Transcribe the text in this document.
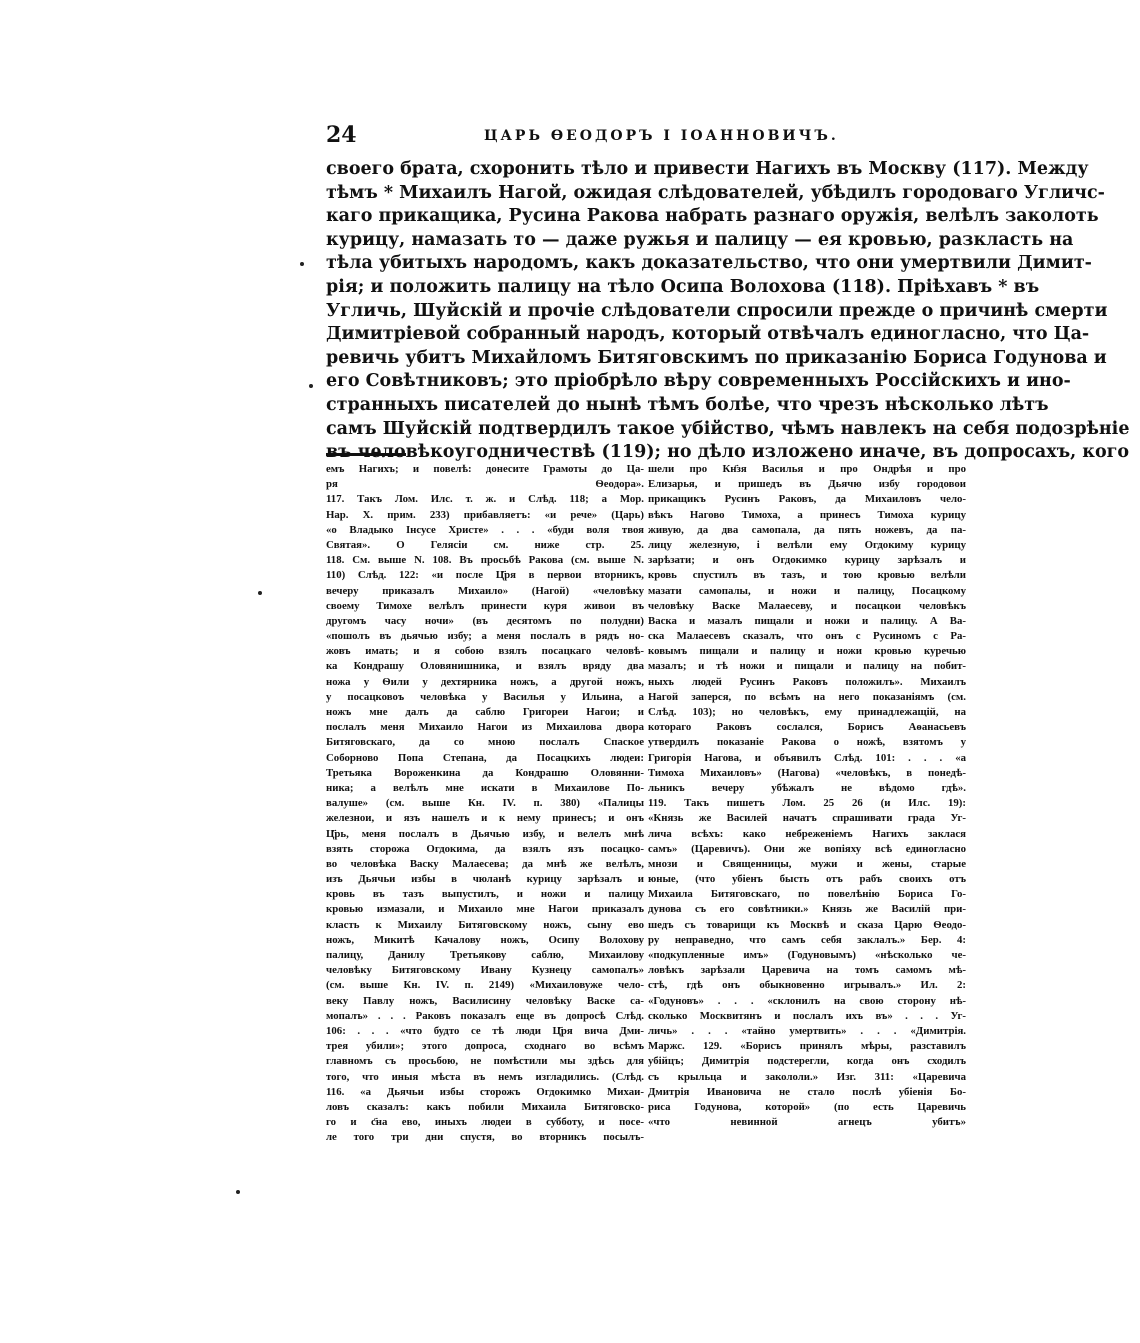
24	ЦАРЬ ѲЕОДОРЪ I ІОАННОВИЧЪ.
своего брата, схоронить тѣло и привести Нагихъ въ Москву (117). Между
тѣмъ * Михаилъ Нагой, ожидая слѣдователей, убѣдилъ городоваго Угличс-
каго прикащика, Русина Ракова набрать разнаго оружія, велѣлъ заколоть
курицу, намазать то — даже ружья и палицу — ея кровью, разкласть на
тѣла убитыхъ народомъ, какъ доказательство, что они умертвили Димит-
рія; и положить палицу на тѣло Осипа Волохова (118). Пріѣхавъ * въ
Угличь, Шуйскій и прочіе слѣдователи спросили прежде о причинѣ смерти
Димитріевой собранный народъ, который отвѣчалъ единогласно, что Ца-
ревичь убитъ Михайломъ Битяговскимъ по приказанію Бориса Годунова и
его Совѣтниковъ; это пріобрѣло вѣру современныхъ Россійскихъ и ино-
странныхъ писателей до нынѣ тѣмъ болѣе, что чрезъ нѣсколько лѣтъ
самъ Шуйскій подтвердилъ такое убійство, чѣмъ навлекъ на себя подозрѣніе
въ человѣкоугодничествѣ (119); но дѣло изложено иначе, въ допросахъ, кого
емъ Нагихъ; и повелѣ: донесите Грамоты до Ца-
ря Ѳеодора».
117. Такъ Лом. Илс. т. ж. и Слѣд. 118; а Мор.
Нар. X. прим. 233) прибавляетъ: «и рече» (Царь)
«о Владыко Інсусе Христе» . . . «буди воля твоя
Святая». О Гелясіи см. ниже стр. 25.
118. См. выше N. 108. Въ просьбѣ Ракова (см. выше N.
110) Слѣд. 122: «и после Ц҃ря в первои вторникъ,
вечеру приказалъ Михаило» (Нагой) «человѣку
своему Тимохе велѣлъ принести куря живои въ
другомъ часу ночи» (въ десятомъ по полудни)
«пошолъ въ дьячью избу; а меня послалъ в рядъ но-
жовъ имать; и я собою взялъ посацкаго человѣ-
ка Кондрашу Оловянишника, и взялъ вряду два
ножа у Ѳили у дехтярника ножъ, а другой ножъ,
у посацковоъ человѣка у Василья у Ильина, а
ножъ мне далъ да саблю Григореи Нагои; и
послалъ меня Михаило Нагои из Михаилова двора
Битяговскаго, да со мною послалъ Спаское
Соборново Попа Степана, да Посацкихъ людеи:
Третьяка Вороженкина да Кондрашю Оловянни-
ника; а велѣлъ мне искати в Михаилове По-
валуше» (см. выше Кн. IV. п. 380) «Палицы
железнои, и язъ нашелъ и к нему принесъ; и онъ
Ц҃рь, меня послалъ в Дьячью избу, и велелъ мнѣ
взять сторожа Огдокима, да взялъ язъ посацко-
во человѣка Васку Малаесева; да мнѣ же велѣлъ,
изъ Дьячьи избы в чюланѣ курицу зарѣзалъ и
кровь въ тазъ выпустилъ, и ножи и палицу
кровью измазали, и Михаило мне Нагои приказалъ
класть к Михаилу Битяговскому ножъ, сыну ево
ножъ, Микитѣ Качалову ножъ, Осипу Волохову
палицу, Данилу Третьякову саблю, Михаилову
человѣку Битяговскому Ивану Кузнецу самопалъ»
(см. выше Кн. IV. п. 2149) «Михаиловуже чело-
веку Павлу ножъ, Василисину человѣку Васке са-
мопалъ» . . . Раковъ показалъ еще въ допросѣ Слѣд.
106: . . . «что будто се тѣ люди Ц҃ря вича Дми-
трея убили»; этого допроса, сходнаго во всѣмъ
главномъ съ просьбою, не помѣстили мы здѣсь для
того, что иныя мѣста въ немъ изгладились. (Слѣд.
116. «а Дьячьи избы сторожъ Огдокимко Михаи-
ловъ сказалъ: какъ побили Михаила Битяговско-
го и с҃на ево, иныхъ людеи в субботу, и посе-
ле того три дни спустя, во вторникъ посылъ-
шели про Кн҃зя Василья и про Ондрѣя и про
Елизарья, и пришедъ въ Дьячю избу городовои
прикащикъ Русинъ Раковъ, да Михаиловъ чело-
вѣкъ Нагово Тимоха, а принесъ Тимоха курицу
живую, да два самопала, да пять ножевъ, да па-
лицу железную, і велѣли ему Огдокиму курицу
зарѣзати; и онъ Огдокимко курицу зарѣзалъ и
кровь спустилъ въ тазъ, и тою кровью велѣли
мазати самопалы, и ножи и палицу, Посацкому
человѣку Васке Малаесеву, и посацкои человѣкъ
Васка и мазалъ пищали и ножи и палицу. А Ва-
ска Малаесевъ сказалъ, что онъ с Русиномъ с Ра-
ковымъ пищали и палицу и ножи кровью куречью
мазалъ; и тѣ ножи и пищали и палицу на побит-
ныхъ людей Русинъ Раковъ положилъ». Михаилъ
Нагой заперся, по всѣмъ на него показаніямъ (см.
Слѣд. 103); но человѣкъ, ему принадлежащій, на
котораго Раковъ сослался, Борисъ Аѳанасьевъ
утвердилъ показаніе Ракова о ножѣ, взятомъ у
Григорія Нагова, и объявилъ Слѣд. 101: . . . «а
Тимоха Михаиловъ» (Нагова) «человѣкъ, в понедѣ-
льникъ вечеру убѣжалъ не вѣдомо гдѣ».
119. Такъ пишетъ Лом. 25 26 (и Илс. 19):
«Князь же Василей начатъ спрашивати града Уг-
лича всѣхъ: како небреженіемъ Нагихъ заклася
самъ» (Царевичъ). Они же вопіяху всѣ единогласно
мнози и Священницы, мужи и жены, старые
юные, (что убіенъ бысть отъ рабъ своихъ отъ
Михаила Битяговскаго, по повелѣнію Бориса Го-
дунова съ его совѣтники.» Князь же Василій при-
шедъ съ товарищи къ Москвѣ и сказа Царю Ѳеодо-
ру неправедно, что самъ себя заклалъ.» Бер. 4:
«подкупленные имъ» (Годуновымъ) «нѣсколько че-
ловѣкъ зарѣзали Царевича на томъ самомъ мѣ-
стѣ, гдѣ онъ обыкновенно игрывалъ.» Ил. 2:
«Годуновъ» . . . «склонилъ на свою сторону нѣ-
сколько Москвитянъ и послалъ ихъ въ» . . . Уг-
личь» . . . «тайно умертвить» . . . «Димитрія.
Маржс. 129. «Борисъ принялъ мѣры, разставилъ
убійцъ; Димитрія подстерегли, когда онъ сходилъ
съ крыльца и закололи.» Изг. 311: «Царевича
Дмитрія Ивановича не стало послѣ убіенія Бо-
риса Годунова, которой» (по есть Царевичь
«что невинной агнецъ убитъ»
